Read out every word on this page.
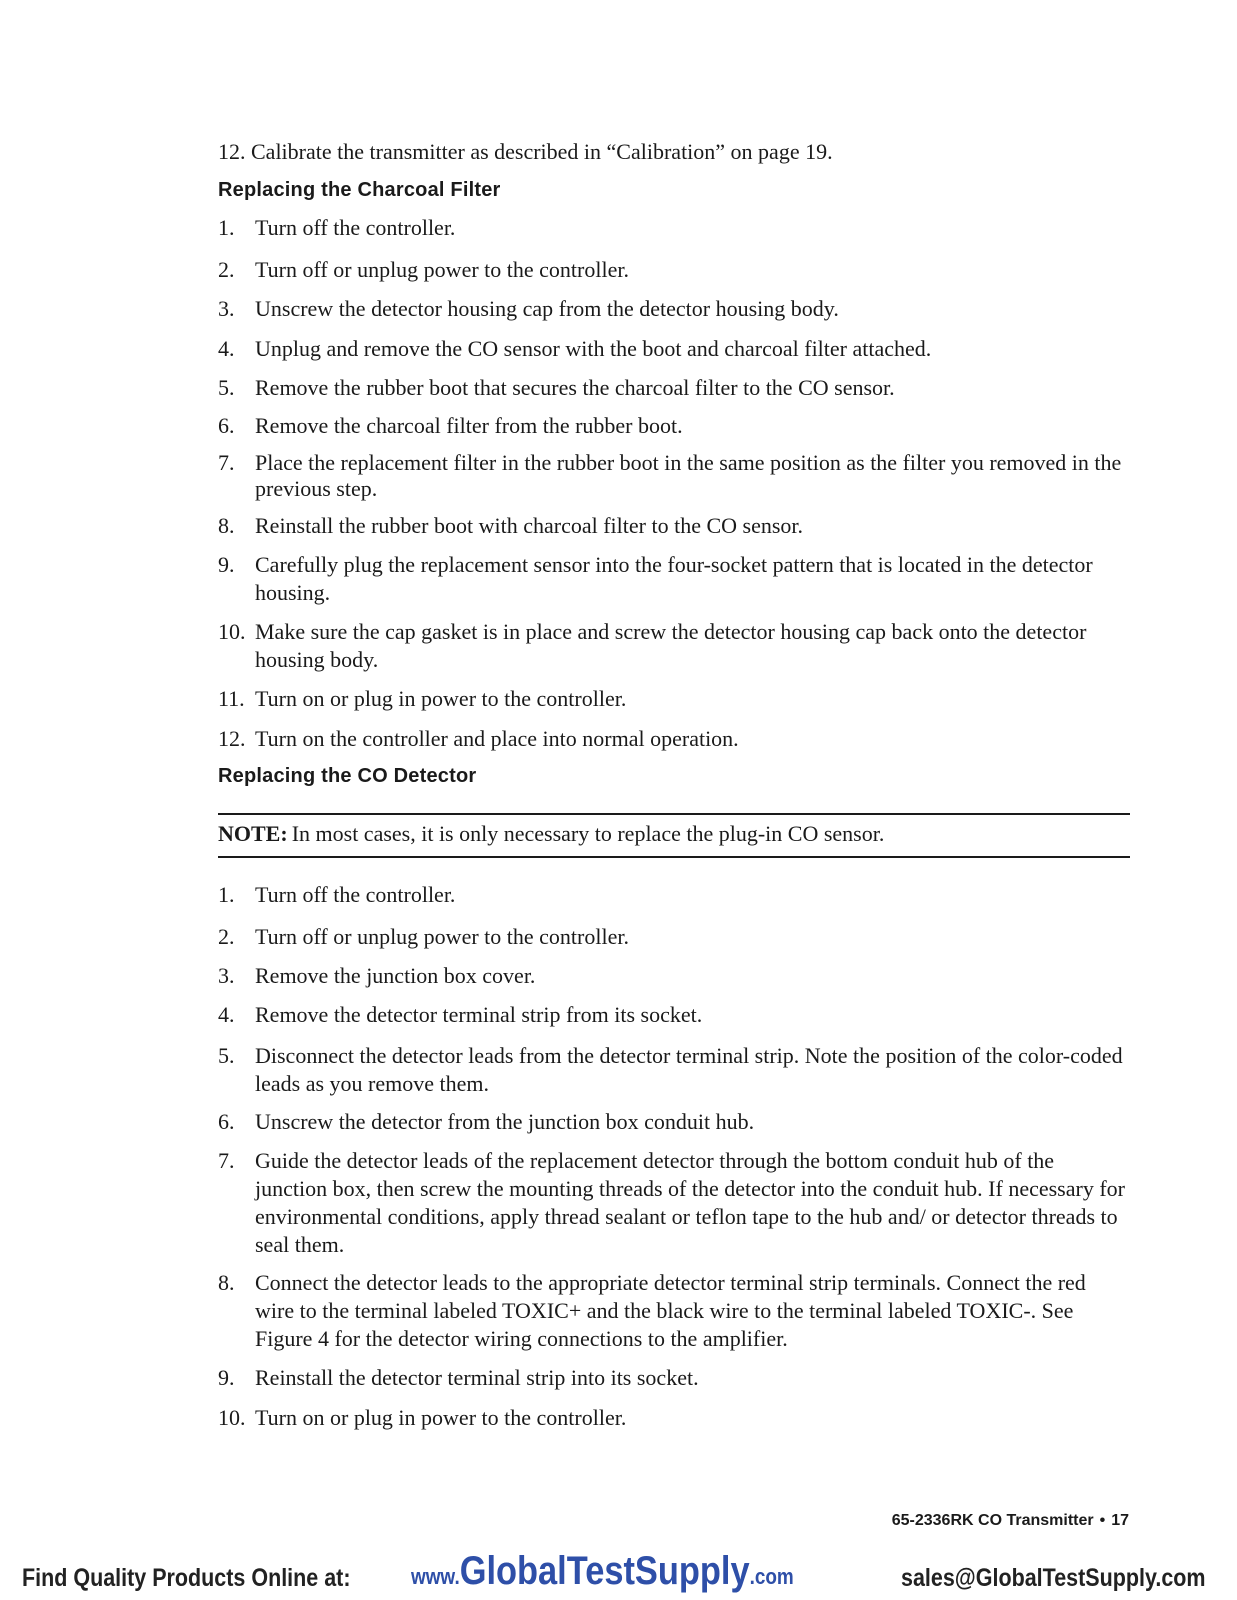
12. Calibrate the transmitter as described in “Calibration” on page 19.
Replacing the Charcoal Filter
1. Turn off the controller.
2. Turn off or unplug power to the controller.
3. Unscrew the detector housing cap from the detector housing body.
4. Unplug and remove the CO sensor with the boot and charcoal filter attached.
5. Remove the rubber boot that secures the charcoal filter to the CO sensor.
6. Remove the charcoal filter from the rubber boot.
7. Place the replacement filter in the rubber boot in the same position as the filter you removed in the previous step.
8. Reinstall the rubber boot with charcoal filter to the CO sensor.
9. Carefully plug the replacement sensor into the four-socket pattern that is located in the detector housing.
10. Make sure the cap gasket is in place and screw the detector housing cap back onto the detector housing body.
11. Turn on or plug in power to the controller.
12. Turn on the controller and place into normal operation.
Replacing the CO Detector
NOTE: In most cases, it is only necessary to replace the plug-in CO sensor.
1. Turn off the controller.
2. Turn off or unplug power to the controller.
3. Remove the junction box cover.
4. Remove the detector terminal strip from its socket.
5. Disconnect the detector leads from the detector terminal strip. Note the position of the color-coded leads as you remove them.
6. Unscrew the detector from the junction box conduit hub.
7. Guide the detector leads of the replacement detector through the bottom conduit hub of the junction box, then screw the mounting threads of the detector into the conduit hub. If necessary for environmental conditions, apply thread sealant or teflon tape to the hub and/ or detector threads to seal them.
8. Connect the detector leads to the appropriate detector terminal strip terminals. Connect the red wire to the terminal labeled TOXIC+ and the black wire to the terminal labeled TOXIC-. See Figure 4 for the detector wiring connections to the amplifier.
9. Reinstall the detector terminal strip into its socket.
10. Turn on or plug in power to the controller.
65-2336RK CO Transmitter • 17
Find Quality Products Online at:	www.GlobalTestSupply.com	sales@GlobalTestSupply.com
